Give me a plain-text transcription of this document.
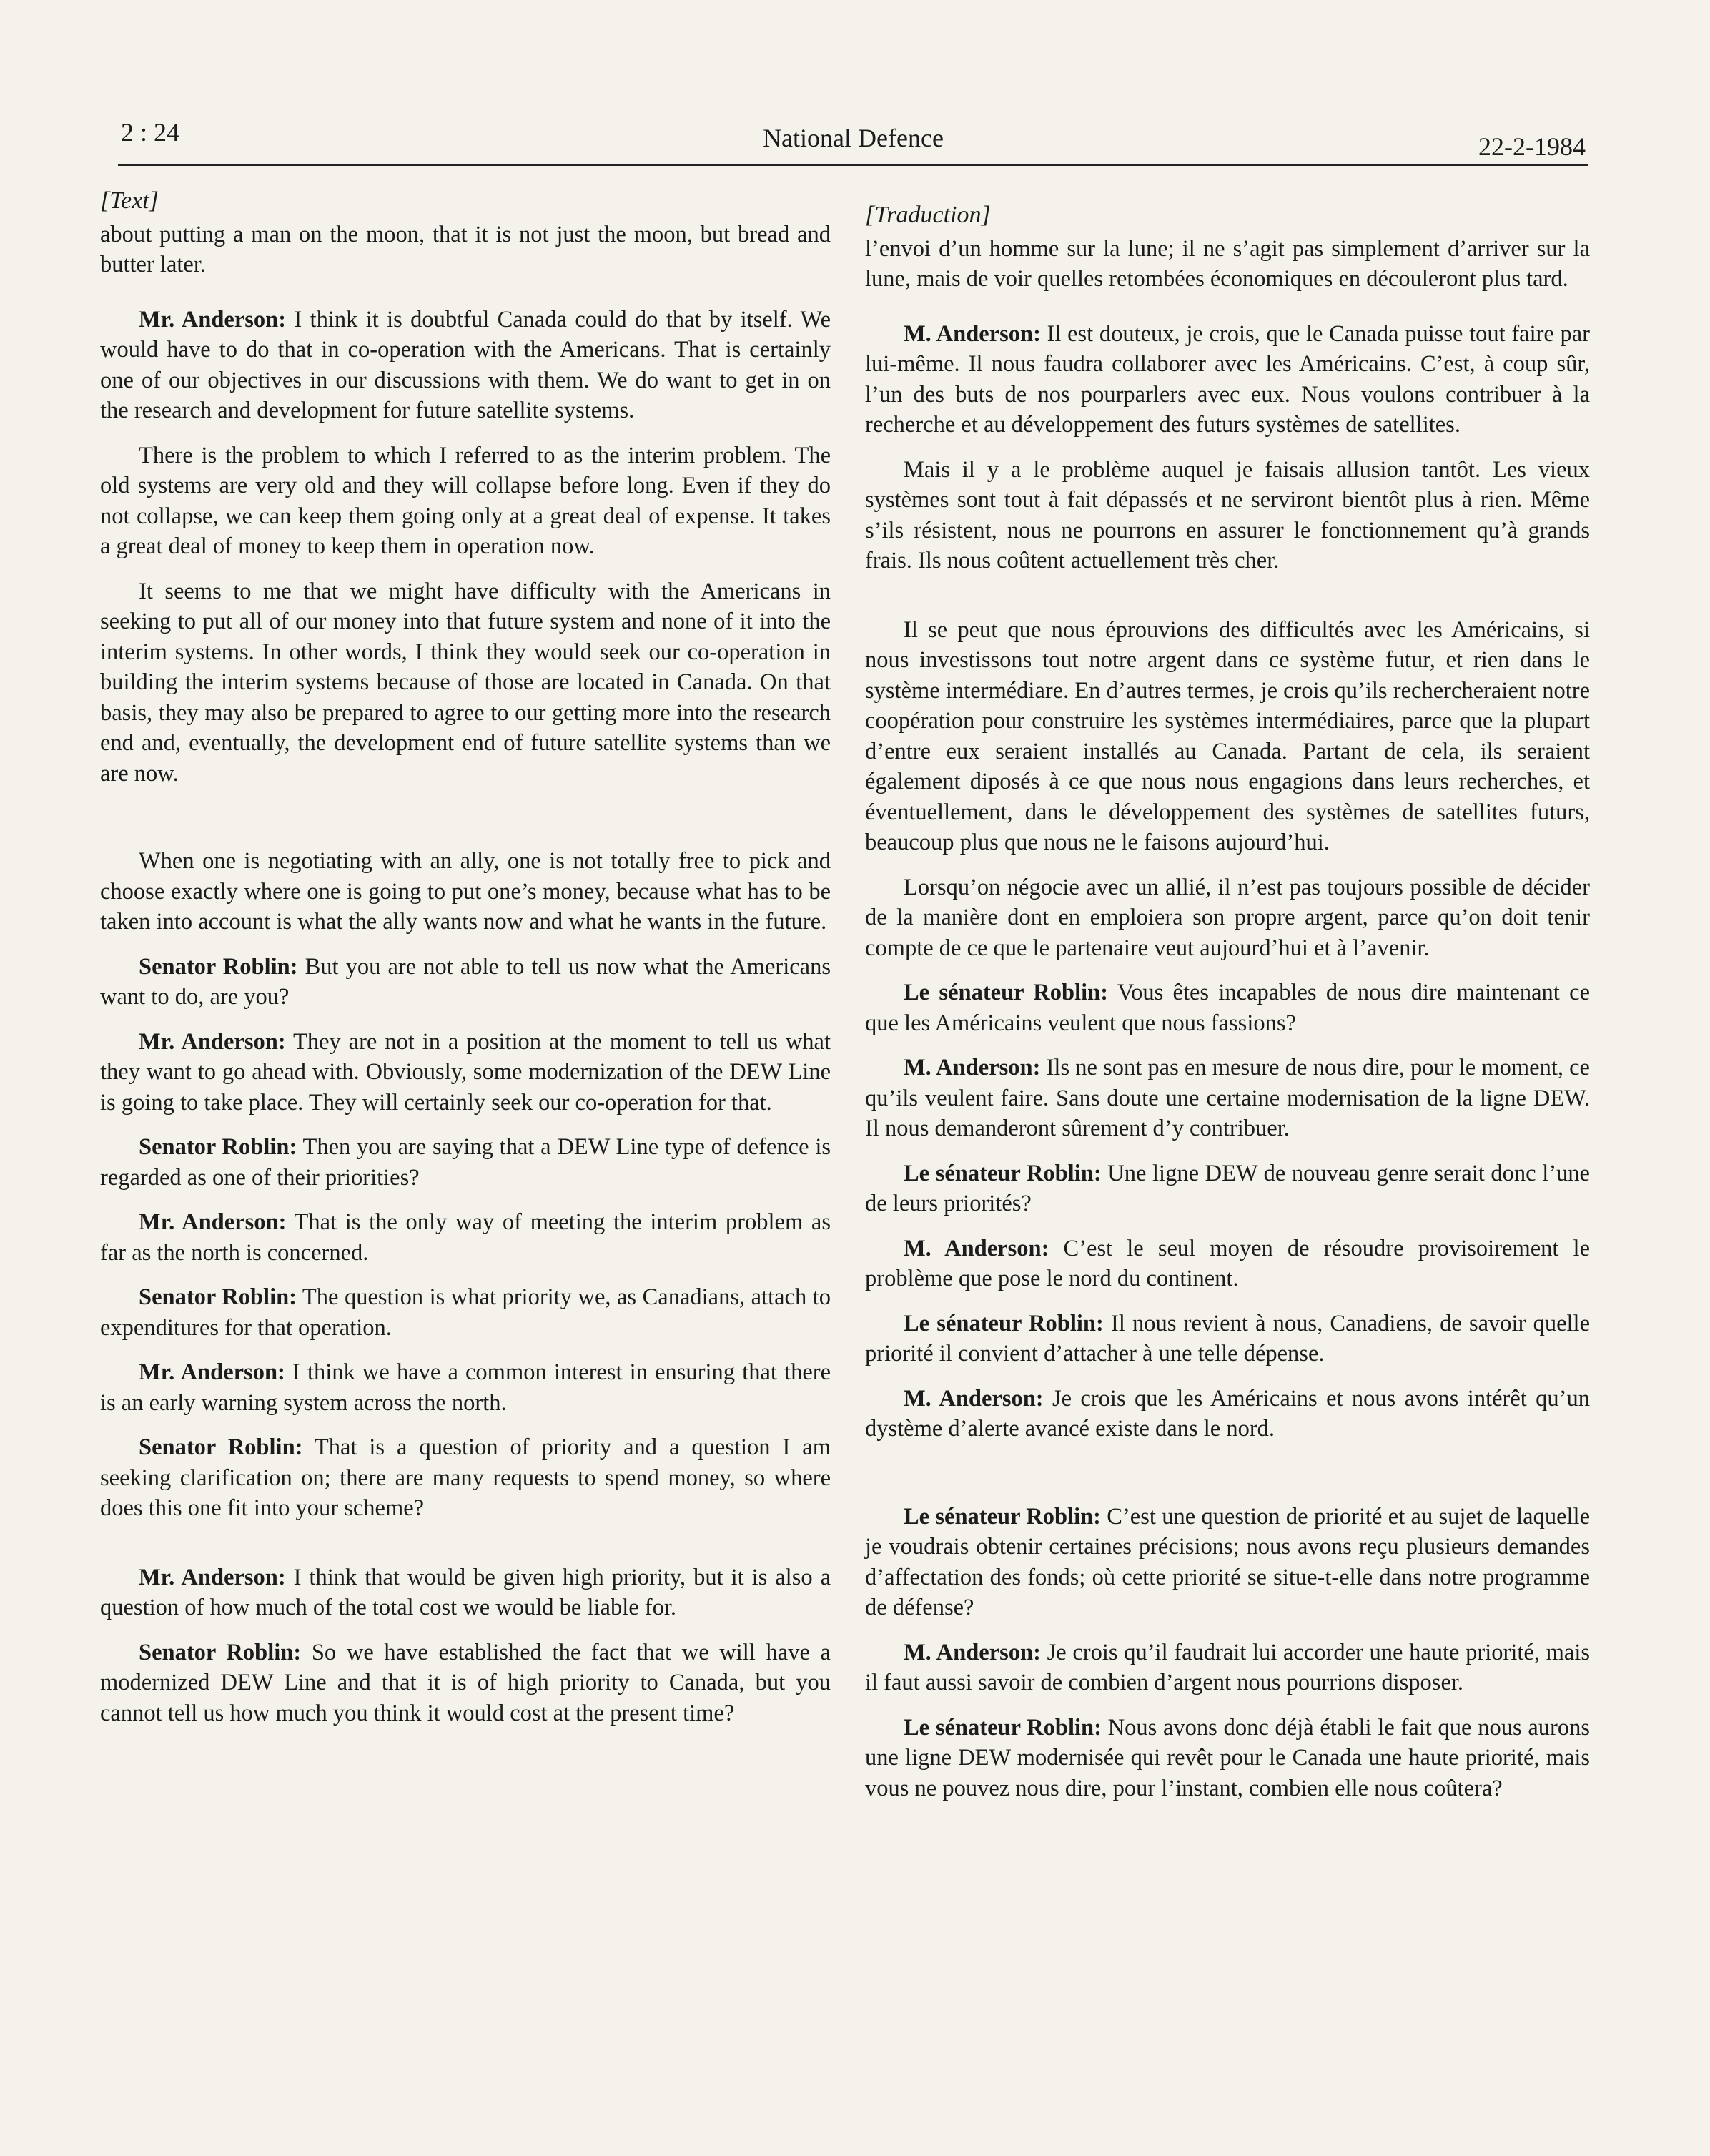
2 : 24	National Defence	22-2-1984
[Text]

about putting a man on the moon, that it is not just the moon, but bread and butter later.

Mr. Anderson: I think it is doubtful Canada could do that by itself. We would have to do that in co-operation with the Americans. That is certainly one of our objectives in our discussions with them. We do want to get in on the research and development for future satellite systems.

There is the problem to which I referred to as the interim problem. The old systems are very old and they will collapse before long. Even if they do not collapse, we can keep them going only at a great deal of expense. It takes a great deal of money to keep them in operation now.

It seems to me that we might have difficulty with the Americans in seeking to put all of our money into that future system and none of it into the interim systems. In other words, I think they would seek our co-operation in building the interim systems because of those are located in Canada. On that basis, they may also be prepared to agree to our getting more into the research end and, eventually, the development end of future satellite systems than we are now.

When one is negotiating with an ally, one is not totally free to pick and choose exactly where one is going to put one’s money, because what has to be taken into account is what the ally wants now and what he wants in the future.

Senator Roblin: But you are not able to tell us now what the Americans want to do, are you?

Mr. Anderson: They are not in a position at the moment to tell us what they want to go ahead with. Obviously, some modernization of the DEW Line is going to take place. They will certainly seek our co-operation for that.

Senator Roblin: Then you are saying that a DEW Line type of defence is regarded as one of their priorities?

Mr. Anderson: That is the only way of meeting the interim problem as far as the north is concerned.

Senator Roblin: The question is what priority we, as Canadians, attach to expenditures for that operation.

Mr. Anderson: I think we have a common interest in ensuring that there is an early warning system across the north.

Senator Roblin: That is a question of priority and a question I am seeking clarification on; there are many requests to spend money, so where does this one fit into your scheme?

Mr. Anderson: I think that would be given high priority, but it is also a question of how much of the total cost we would be liable for.

Senator Roblin: So we have established the fact that we will have a modernized DEW Line and that it is of high priority to Canada, but you cannot tell us how much you think it would cost at the present time?

[Traduction]

l’envoi d’un homme sur la lune; il ne s’agit pas simplement d’arriver sur la lune, mais de voir quelles retombées économiques en découleront plus tard.

M. Anderson: Il est douteux, je crois, que le Canada puisse tout faire par lui-même. Il nous faudra collaborer avec les Américains. C’est, à coup sûr, l’un des buts de nos pourparlers avec eux. Nous voulons contribuer à la recherche et au développement des futurs systèmes de satellites.

Mais il y a le problème auquel je faisais allusion tantôt. Les vieux systèmes sont tout à fait dépassés et ne serviront bientôt plus à rien. Même s’ils résistent, nous ne pourrons en assurer le fonctionnement qu’à grands frais. Ils nous coûtent actuellement très cher.

Il se peut que nous éprouvions des difficultés avec les Américains, si nous investissons tout notre argent dans ce système futur, et rien dans le système intermédiare. En d’autres termes, je crois qu’ils rechercheraient notre coopération pour construire les systèmes intermédiaires, parce que la plupart d’entre eux seraient installés au Canada. Partant de cela, ils seraient également diposés à ce que nous nous engagions dans leurs recherches, et éventuellement, dans le développement des systèmes de satellites futurs, beaucoup plus que nous ne le faisons aujourd’hui.

Lorsqu’on négocie avec un allié, il n’est pas toujours possible de décider de la manière dont en emploiera son propre argent, parce qu’on doit tenir compte de ce que le partenaire veut aujourd’hui et à l’avenir.

Le sénateur Roblin: Vous êtes incapables de nous dire maintenant ce que les Américains veulent que nous fassions?

M. Anderson: Ils ne sont pas en mesure de nous dire, pour le moment, ce qu’ils veulent faire. Sans doute une certaine modernisation de la ligne DEW. Il nous demanderont sûrement d’y contribuer.

Le sénateur Roblin: Une ligne DEW de nouveau genre serait donc l’une de leurs priorités?

M. Anderson: C’est le seul moyen de résoudre provisoirement le problème que pose le nord du continent.

Le sénateur Roblin: Il nous revient à nous, Canadiens, de savoir quelle priorité il convient d’attacher à une telle dépense.

M. Anderson: Je crois que les Américains et nous avons intérêt qu’un dystème d’alerte avancé existe dans le nord.

Le sénateur Roblin: C’est une question de priorité et au sujet de laquelle je voudrais obtenir certaines précisions; nous avons reçu plusieurs demandes d’affectation des fonds; où cette priorité se situe-t-elle dans notre programme de défense?

M. Anderson: Je crois qu’il faudrait lui accorder une haute priorité, mais il faut aussi savoir de combien d’argent nous pourrions disposer.

Le sénateur Roblin: Nous avons donc déjà établi le fait que nous aurons une ligne DEW modernisée qui revêt pour le Canada une haute priorité, mais vous ne pouvez nous dire, pour l’instant, combien elle nous coûtera?
